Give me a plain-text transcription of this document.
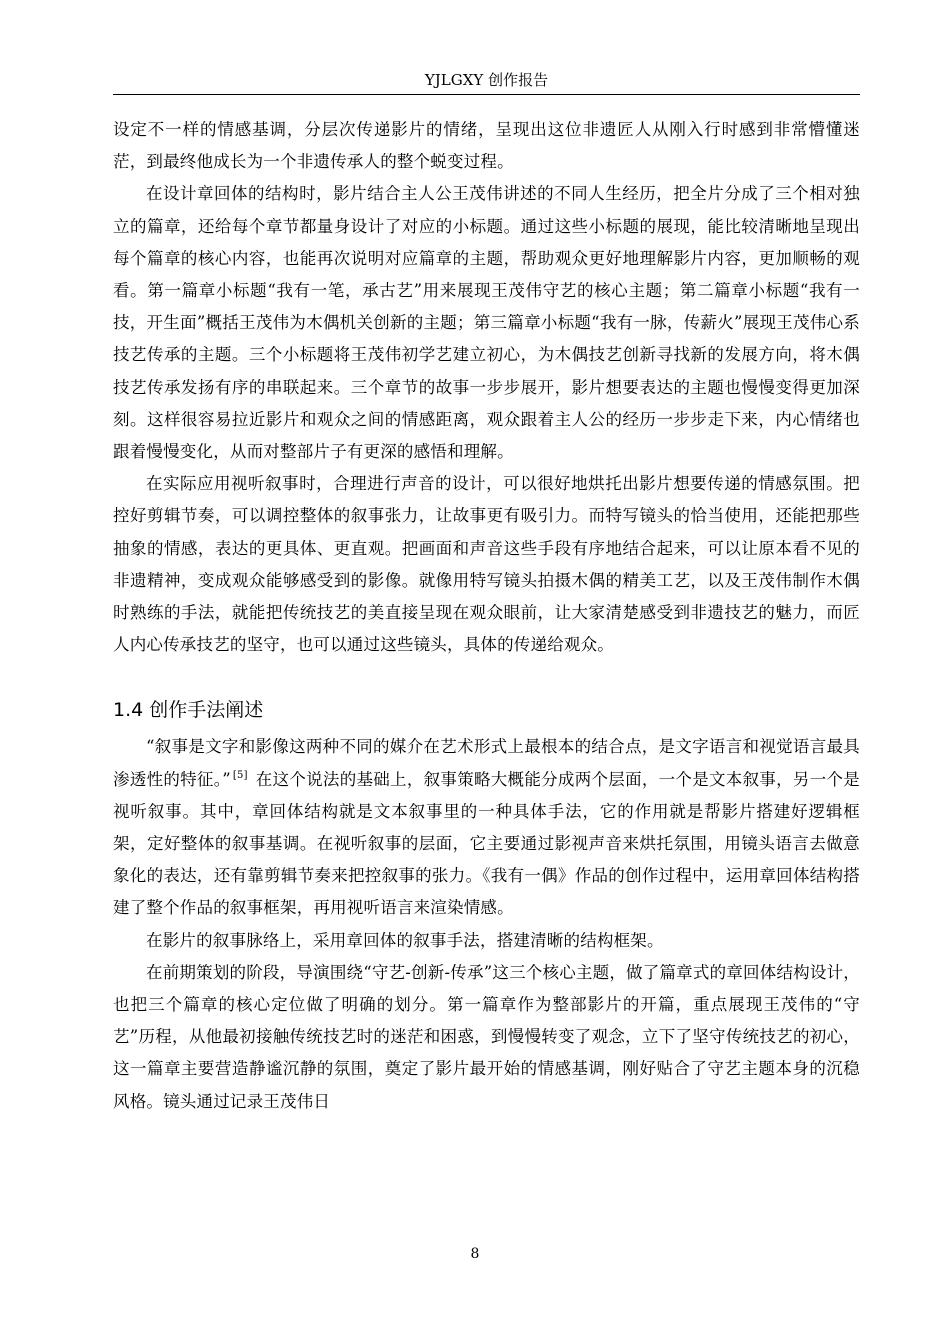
YJLGXY 创作报告

设定不一样的情感基调，分层次传递影片的情绪，呈现出这位非遗匠人从刚入行时感到非常懵懂迷茫，到最终他成长为一个非遗传承人的整个蜕变过程。

在设计章回体的结构时，影片结合主人公王茂伟讲述的不同人生经历，把全片分成了三个相对独立的篇章，还给每个章节都量身设计了对应的小标题。通过这些小标题的展现，能比较清晰地呈现出每个篇章的核心内容，也能再次说明对应篇章的主题，帮助观众更好地理解影片内容，更加顺畅的观看。第一篇章小标题“我有一笔，承古艺”用来展现王茂伟守艺的核心主题；第二篇章小标题“我有一技，开生面”概括王茂伟为木偶机关创新的主题；第三篇章小标题“我有一脉，传薪火”展现王茂伟心系技艺传承的主题。三个小标题将王茂伟初学艺建立初心，为木偶技艺创新寻找新的发展方向，将木偶技艺传承发扬有序的串联起来。三个章节的故事一步步展开，影片想要表达的主题也慢慢变得更加深刻。这样很容易拉近影片和观众之间的情感距离，观众跟着主人公的经历一步步走下来，内心情绪也跟着慢慢变化，从而对整部片子有更深的感悟和理解。

在实际应用视听叙事时，合理进行声音的设计，可以很好地烘托出影片想要传递的情感氛围。把控好剪辑节奏，可以调控整体的叙事张力，让故事更有吸引力。而特写镜头的恰当使用，还能把那些抽象的情感，表达的更具体、更直观。把画面和声音这些手段有序地结合起来，可以让原本看不见的非遗精神，变成观众能够感受到的影像。就像用特写镜头拍摄木偶的精美工艺，以及王茂伟制作木偶时熟练的手法，就能把传统技艺的美直接呈现在观众眼前，让大家清楚感受到非遗技艺的魅力，而匠人内心传承技艺的坚守，也可以通过这些镜头，具体的传递给观众。

1.4 创作手法阐述

“叙事是文字和影像这两种不同的媒介在艺术形式上最根本的结合点，是文字语言和视觉语言最具渗透性的特征。” [5] 在这个说法的基础上，叙事策略大概能分成两个层面，一个是文本叙事，另一个是视听叙事。其中，章回体结构就是文本叙事里的一种具体手法，它的作用就是帮影片搭建好逻辑框架，定好整体的叙事基调。在视听叙事的层面，它主要通过影视声音来烘托氛围，用镜头语言去做意象化的表达，还有靠剪辑节奏来把控叙事的张力。《我有一偶》作品的创作过程中，运用章回体结构搭建了整个作品的叙事框架，再用视听语言来渲染情感。

在影片的叙事脉络上，采用章回体的叙事手法，搭建清晰的结构框架。

在前期策划的阶段，导演围绕“守艺-创新-传承”这三个核心主题，做了篇章式的章回体结构设计，也把三个篇章的核心定位做了明确的划分。第一篇章作为整部影片的开篇，重点展现王茂伟的“守艺”历程，从他最初接触传统技艺时的迷茫和困惑，到慢慢转变了观念，立下了坚守传统技艺的初心，这一篇章主要营造静谧沉静的氛围，奠定了影片最开始的情感基调，刚好贴合了守艺主题本身的沉稳风格。镜头通过记录王茂伟日

8
